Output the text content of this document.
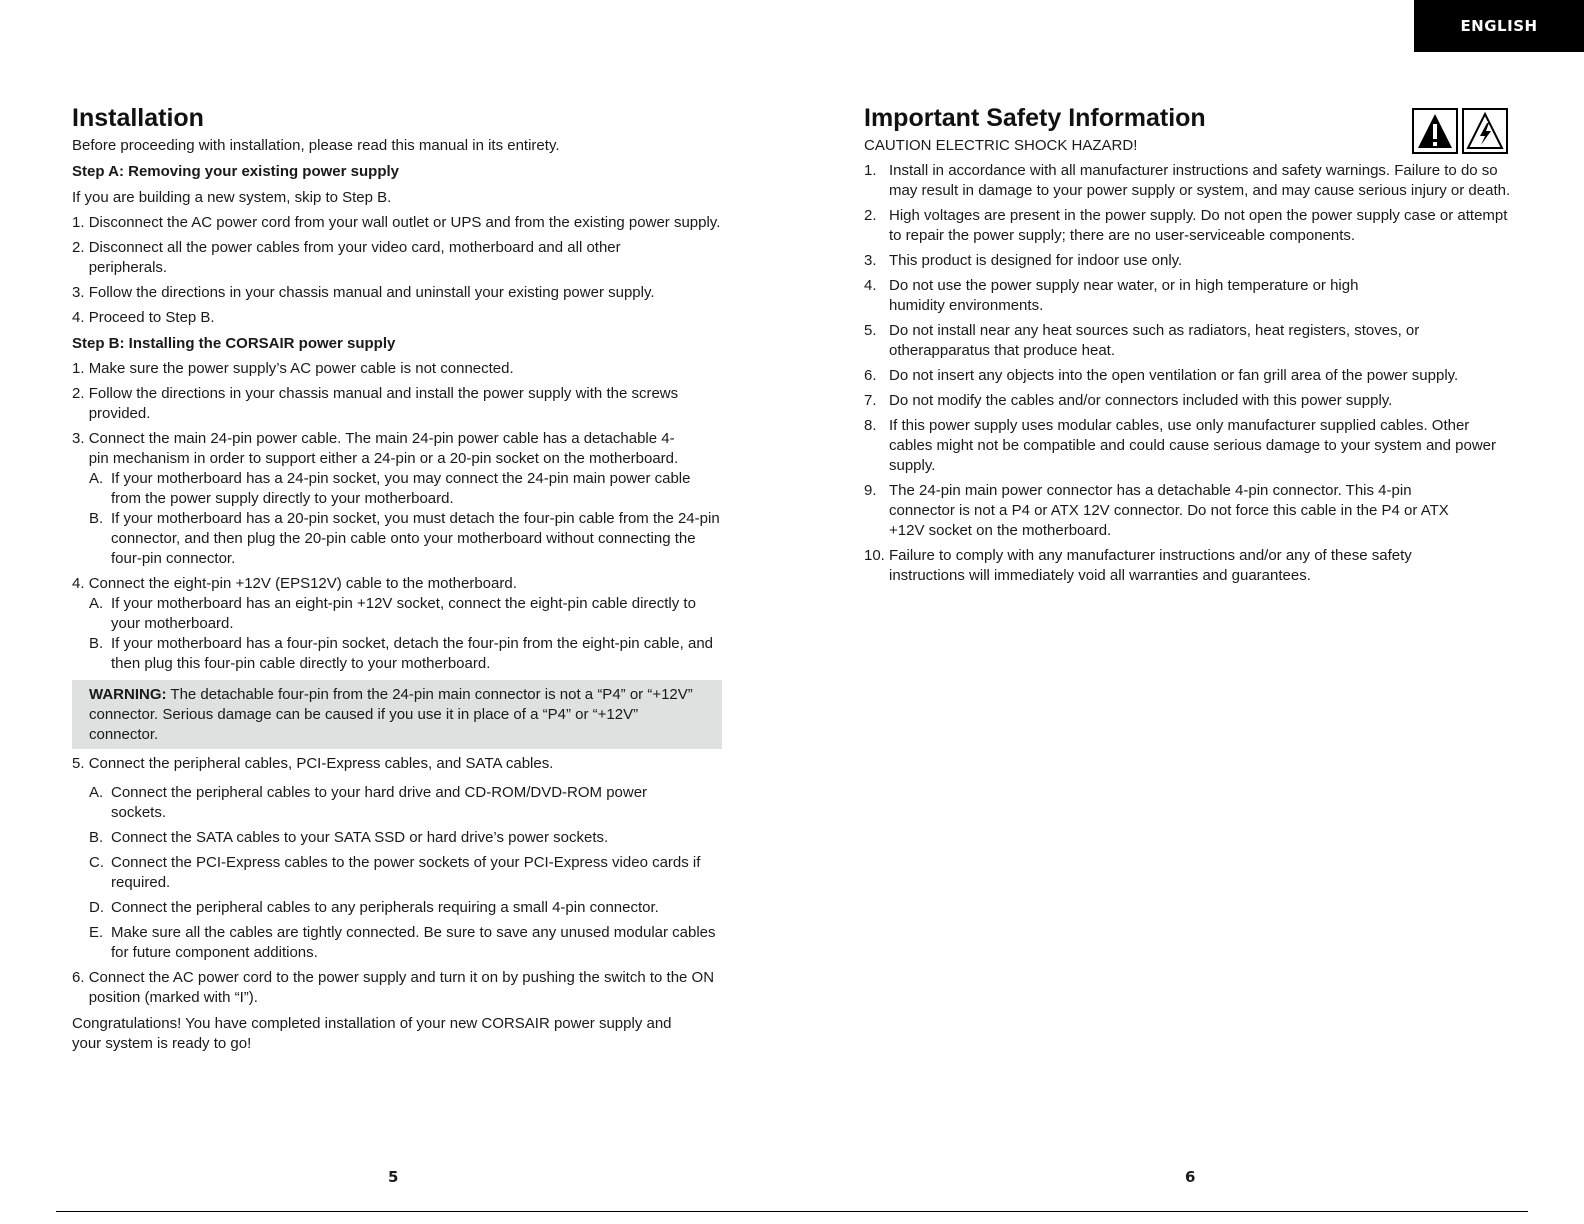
ENGLISH
Installation

Before proceeding with installation, please read this manual in its entirety.

Step A: Removing your existing power supply

If you are building a new system, skip to Step B.

1. Disconnect the AC power cord from your wall outlet or UPS and from the existing power supply.
2. Disconnect all the power cables from your video card, motherboard and all other peripherals.
3. Follow the directions in your chassis manual and uninstall your existing power supply.
4. Proceed to Step B.

Step B: Installing the CORSAIR power supply

1. Make sure the power supply’s AC power cable is not connected.
2. Follow the directions in your chassis manual and install the power supply with the screws provided.
3. Connect the main 24-pin power cable. The main 24-pin power cable has a detachable 4-pin mechanism in order to support either a 24-pin or a 20-pin socket on the motherboard.
A. If your motherboard has a 24-pin socket, you may connect the 24-pin main power cable from the power supply directly to your motherboard.
B. If your motherboard has a 20-pin socket, you must detach the four-pin cable from the 24-pin connector, and then plug the 20-pin cable onto your motherboard without connecting the four-pin connector.
4. Connect the eight-pin +12V (EPS12V) cable to the motherboard.
A. If your motherboard has an eight-pin +12V socket, connect the eight-pin cable directly to your motherboard.
B. If your motherboard has a four-pin socket, detach the four-pin from the eight-pin cable, and then plug this four-pin cable directly to your motherboard.
WARNING: The detachable four-pin from the 24-pin main connector is not a “P4” or “+12V” connector. Serious damage can be caused if you use it in place of a “P4” or “+12V” connector.
5. Connect the peripheral cables, PCI-Express cables, and SATA cables.
A. Connect the peripheral cables to your hard drive and CD-ROM/DVD-ROM power sockets.
B. Connect the SATA cables to your SATA SSD or hard drive’s power sockets.
C. Connect the PCI-Express cables to the power sockets of your PCI-Express video cards if required.
D. Connect the peripheral cables to any peripherals requiring a small 4-pin connector.
E. Make sure all the cables are tightly connected. Be sure to save any unused modular cables for future component additions.
6. Connect the AC power cord to the power supply and turn it on by pushing the switch to the ON position (marked with “I”).

Congratulations! You have completed installation of your new CORSAIR power supply and your system is ready to go!

Important Safety Information

CAUTION ELECTRIC SHOCK HAZARD!

1. Install in accordance with all manufacturer instructions and safety warnings. Failure to do so may result in damage to your power supply or system, and may cause serious injury or death.
2. High voltages are present in the power supply. Do not open the power supply case or attempt to repair the power supply; there are no user-serviceable components.
3. This product is designed for indoor use only.
4. Do not use the power supply near water, or in high temperature or high humidity environments.
5. Do not install near any heat sources such as radiators, heat registers, stoves, or otherapparatus that produce heat.
6. Do not insert any objects into the open ventilation or fan grill area of the power supply.
7. Do not modify the cables and/or connectors included with this power supply.
8. If this power supply uses modular cables, use only manufacturer supplied cables. Other cables might not be compatible and could cause serious damage to your system and power supply.
9. The 24-pin main power connector has a detachable 4-pin connector. This 4-pin connector is not a P4 or ATX 12V connector. Do not force this cable in the P4 or ATX +12V socket on the motherboard.
10. Failure to comply with any manufacturer instructions and/or any of these safety instructions will immediately void all warranties and guarantees.
5	6
